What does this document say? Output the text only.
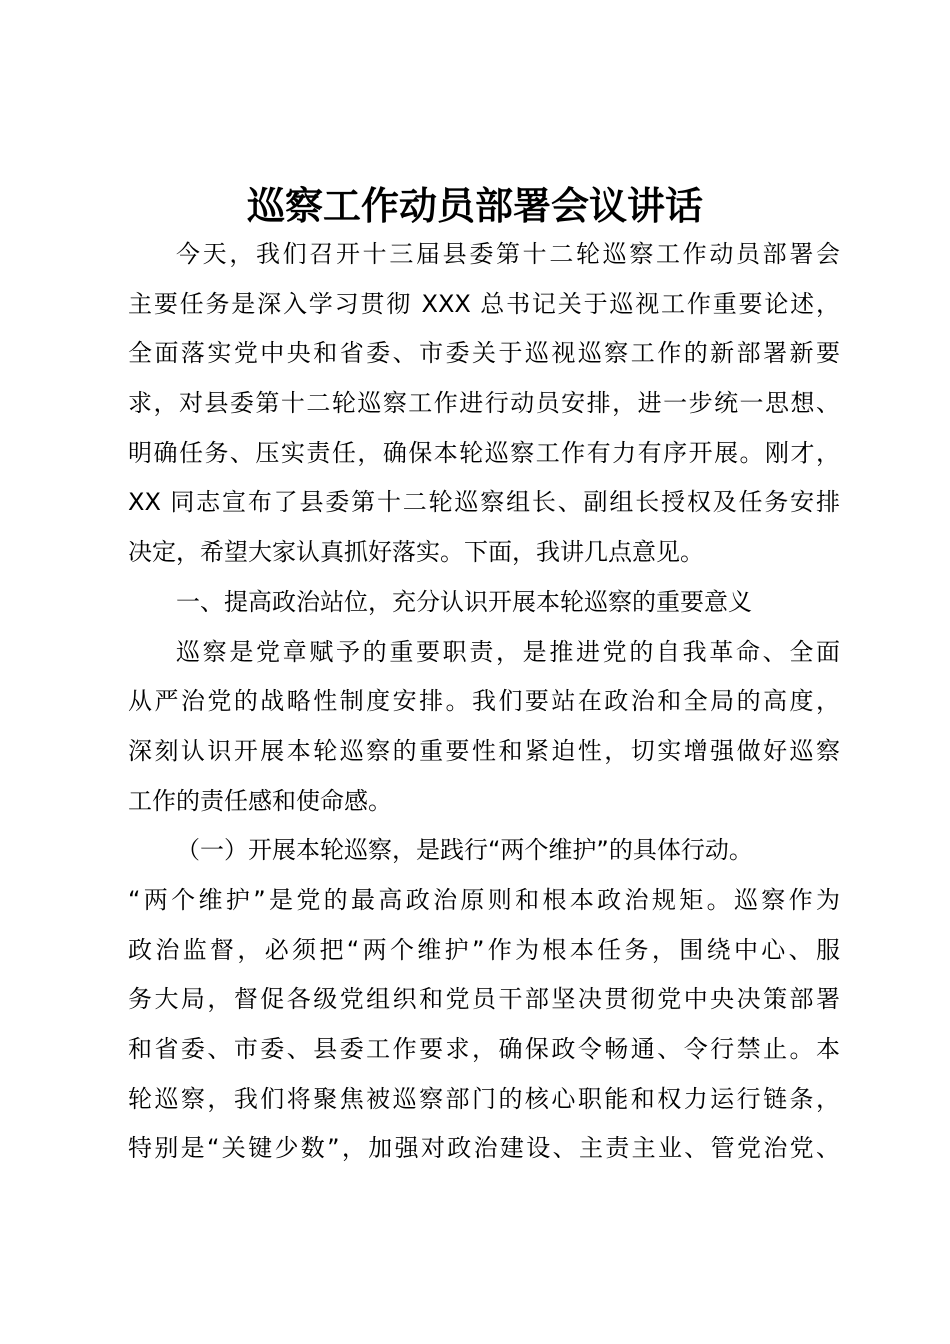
巡察工作动员部署会议讲话
今天，我们召开十三届县委第十二轮巡察工作动员部署会
主要任务是深入学习贯彻 XXX 总书记关于巡视工作重要论述，
全面落实党中央和省委、市委关于巡视巡察工作的新部署新要
求，对县委第十二轮巡察工作进行动员安排，进一步统一思想、
明确任务、压实责任，确保本轮巡察工作有力有序开展。刚才，
XX 同志宣布了县委第十二轮巡察组长、副组长授权及任务安排
决定，希望大家认真抓好落实。下面，我讲几点意见。
一、提高政治站位，充分认识开展本轮巡察的重要意义
巡察是党章赋予的重要职责，是推进党的自我革命、全面
从严治党的战略性制度安排。我们要站在政治和全局的高度，
深刻认识开展本轮巡察的重要性和紧迫性，切实增强做好巡察
工作的责任感和使命感。
（一）开展本轮巡察，是践行“两个维护”的具体行动。
“两个维护”是党的最高政治原则和根本政治规矩。巡察作为
政治监督，必须把“两个维护”作为根本任务，围绕中心、服
务大局，督促各级党组织和党员干部坚决贯彻党中央决策部署
和省委、市委、县委工作要求，确保政令畅通、令行禁止。本
轮巡察，我们将聚焦被巡察部门的核心职能和权力运行链条，
特别是“关键少数”，加强对政治建设、主责主业、管党治党、
